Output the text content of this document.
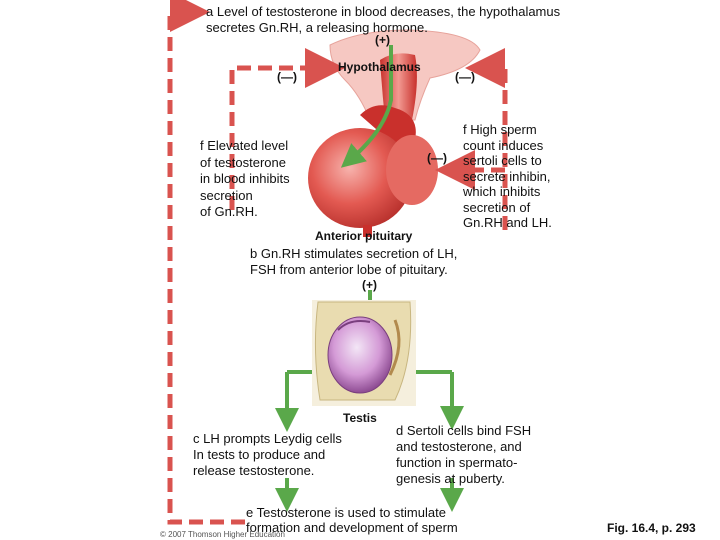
a Level of testosterone in blood decreases, the hypothalamus
secretes Gn.RH, a releasing hormone.
(+)
Hypothalamus
(—)	(—)
f Elevated level
of testosterone
in blood inhibits
secretion
of Gn.RH.
f High sperm
count induces
sertoli cells to
secrete inhibin,
which inhibits
secretion of
Gn.RH and LH.
(—)
Anterior pituitary
b Gn.RH stimulates secretion of LH,
FSH from anterior lobe of pituitary.
(+)
Testis
c LH prompts Leydig cells
In tests to produce and
release testosterone.
d Sertoli cells bind FSH
and testosterone, and
function in spermato-
genesis at puberty.
e Testosterone is used to stimulate
formation and development of sperm
© 2007 Thomson Higher Education	Fig. 16.4, p. 293
